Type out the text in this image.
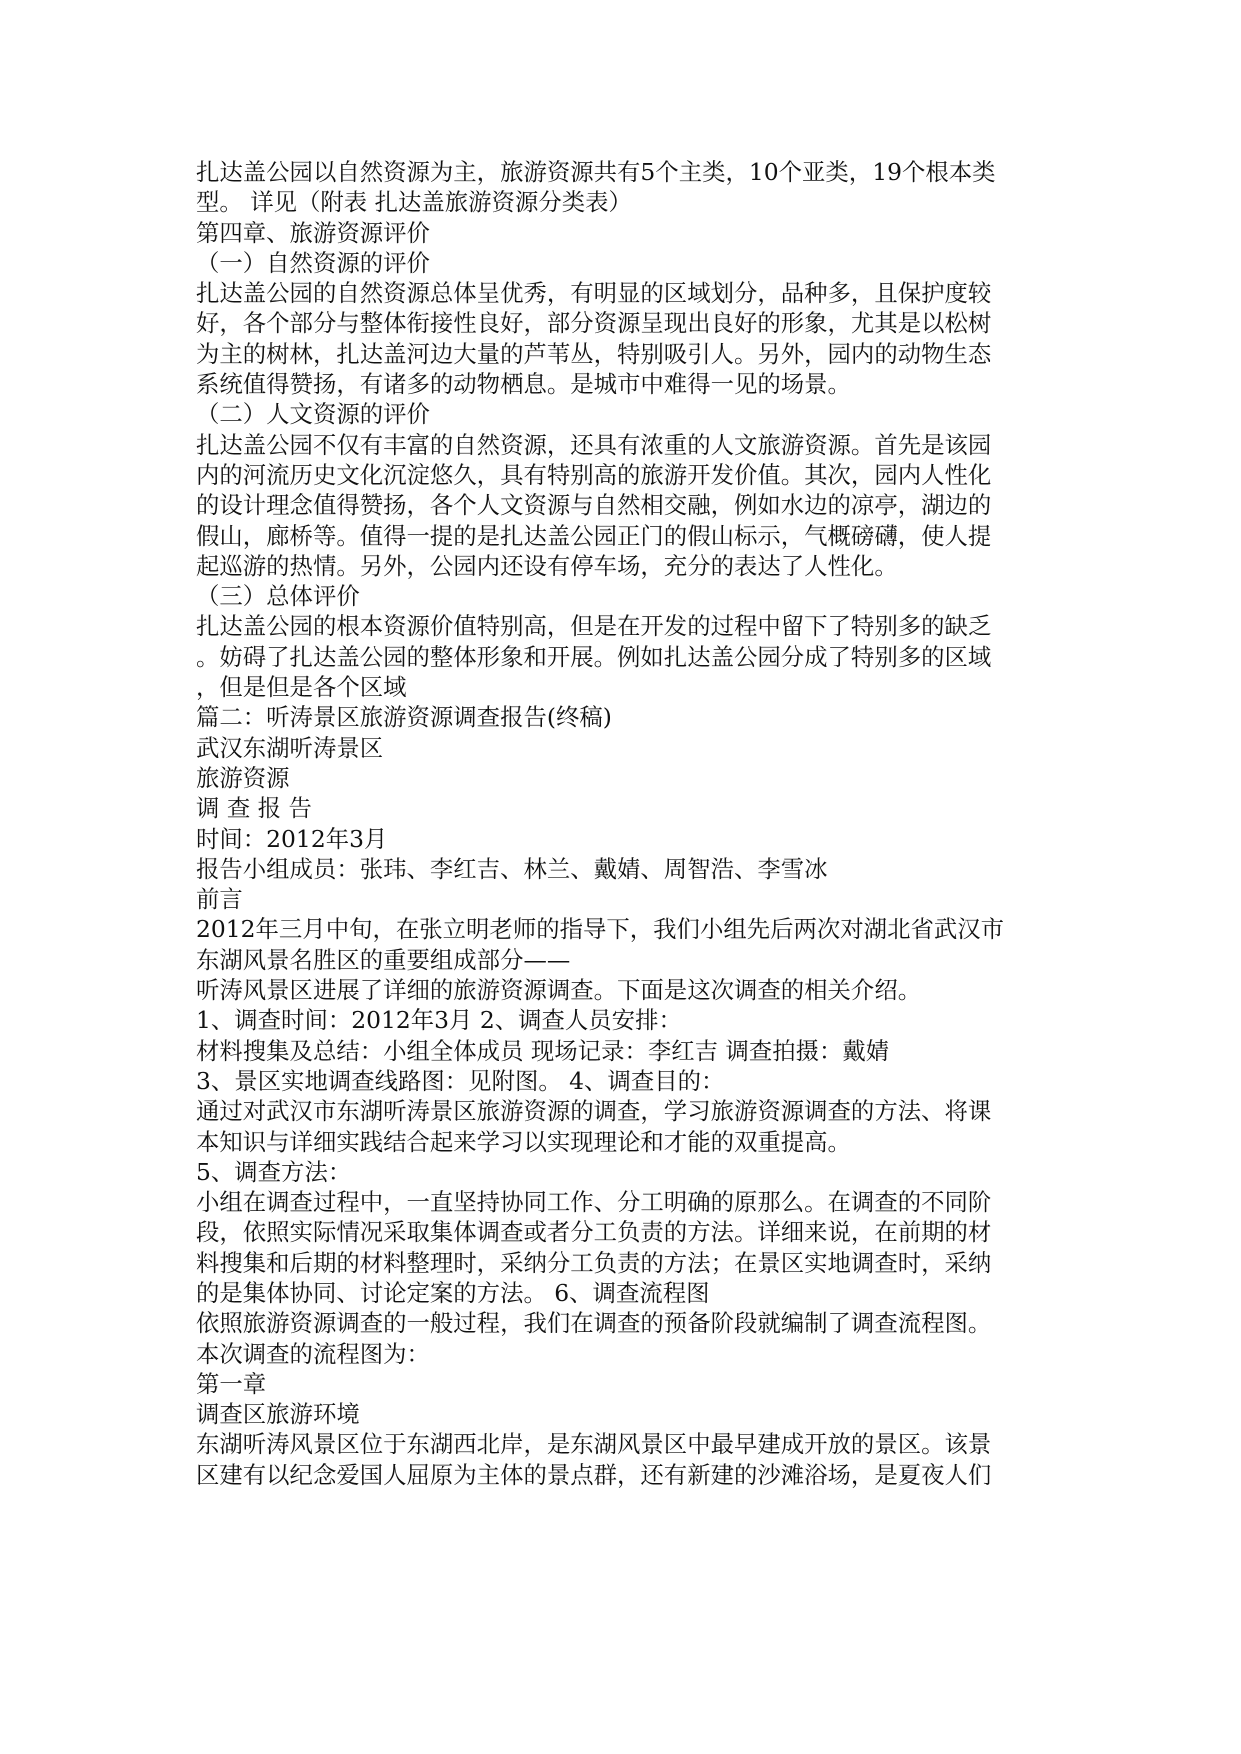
扎达盖公园以自然资源为主，旅游资源共有5个主类，10个亚类，19个根本类
型。 详见（附表 扎达盖旅游资源分类表）
第四章、旅游资源评价
（一）自然资源的评价
扎达盖公园的自然资源总体呈优秀，有明显的区域划分，品种多，且保护度较
好，各个部分与整体衔接性良好，部分资源呈现出良好的形象，尤其是以松树
为主的树林，扎达盖河边大量的芦苇丛，特别吸引人。另外，园内的动物生态
系统值得赞扬，有诸多的动物栖息。是城市中难得一见的场景。
（二）人文资源的评价
扎达盖公园不仅有丰富的自然资源，还具有浓重的人文旅游资源。首先是该园
内的河流历史文化沉淀悠久，具有特别高的旅游开发价值。其次，园内人性化
的设计理念值得赞扬，各个人文资源与自然相交融，例如水边的凉亭，湖边的
假山，廊桥等。值得一提的是扎达盖公园正门的假山标示，气概磅礴，使人提
起巡游的热情。另外，公园内还设有停车场，充分的表达了人性化。
（三）总体评价
扎达盖公园的根本资源价值特别高，但是在开发的过程中留下了特别多的缺乏
。妨碍了扎达盖公园的整体形象和开展。例如扎达盖公园分成了特别多的区域
，但是但是各个区域
篇二：听涛景区旅游资源调查报告(终稿)
武汉东湖听涛景区
旅游资源
调 查 报 告
时间：2012年3月
报告小组成员：张玮、李红吉、林兰、戴婧、周智浩、李雪冰
前言
2012年三月中旬，在张立明老师的指导下，我们小组先后两次对湖北省武汉市
东湖风景名胜区的重要组成部分——
听涛风景区进展了详细的旅游资源调查。下面是这次调查的相关介绍。
1、调查时间：2012年3月 2、调查人员安排：
材料搜集及总结：小组全体成员 现场记录：李红吉 调查拍摄：戴婧
3、景区实地调查线路图：见附图。 4、调查目的：
通过对武汉市东湖听涛景区旅游资源的调查，学习旅游资源调查的方法、将课
本知识与详细实践结合起来学习以实现理论和才能的双重提高。
5、调查方法：
小组在调查过程中，一直坚持协同工作、分工明确的原那么。在调查的不同阶
段，依照实际情况采取集体调查或者分工负责的方法。详细来说，在前期的材
料搜集和后期的材料整理时，采纳分工负责的方法；在景区实地调查时，采纳
的是集体协同、讨论定案的方法。 6、调查流程图
依照旅游资源调查的一般过程，我们在调查的预备阶段就编制了调查流程图。
本次调查的流程图为：
第一章
调查区旅游环境
东湖听涛风景区位于东湖西北岸，是东湖风景区中最早建成开放的景区。该景
区建有以纪念爱国人屈原为主体的景点群，还有新建的沙滩浴场，是夏夜人们
